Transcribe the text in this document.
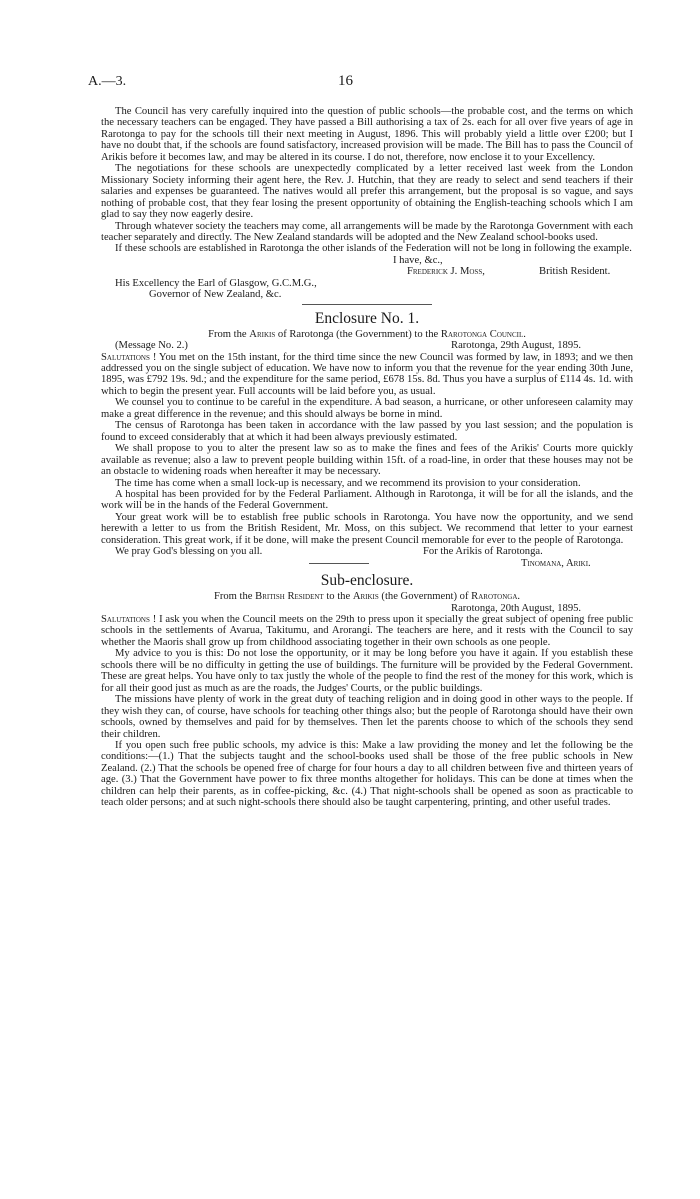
A.—3.	16

The Council has very carefully inquired into the question of public schools—the probable cost, and the terms on which the necessary teachers can be engaged. They have passed a Bill authorising a tax of 2s. each for all over five years of age in Rarotonga to pay for the schools till their next meeting in August, 1896. This will probably yield a little over £200; but I have no doubt that, if the schools are found satisfactory, increased provision will be made. The Bill has to pass the Council of Arikis before it becomes law, and may be altered in its course. I do not, therefore, now enclose it to your Excellency.

The negotiations for these schools are unexpectedly complicated by a letter received last week from the London Missionary Society informing their agent here, the Rev. J. Hutchin, that they are ready to select and send teachers if their salaries and expenses be guaranteed. The natives would all prefer this arrangement, but the proposal is so vague, and says nothing of probable cost, that they fear losing the present opportunity of obtaining the English-teaching schools which I am glad to say they now eagerly desire.

Through whatever society the teachers may come, all arrangements will be made by the Rarotonga Government with each teacher separately and directly. The New Zealand standards will be adopted and the New Zealand school-books used.

If these schools are established in Rarotonga the other islands of the Federation will not be long in following the example.

I have, &c.,
Frederick J. Moss,	British Resident.
His Excellency the Earl of Glasgow, G.C.M.G.,
Governor of New Zealand, &c.
Enclosure No. 1.

From the Arikis of Rarotonga (the Government) to the Rarotonga Council.

(Message No. 2.)	Rarotonga, 29th August, 1895.

Salutations ! You met on the 15th instant, for the third time since the new Council was formed by law, in 1893; and we then addressed you on the single subject of education. We have now to inform you that the revenue for the year ending 30th June, 1895, was £792 19s. 9d.; and the expenditure for the same period, £678 15s. 8d. Thus you have a surplus of £114 4s. 1d. with which to begin the present year. Full accounts will be laid before you, as usual.

We counsel you to continue to be careful in the expenditure. A bad season, a hurricane, or other unforeseen calamity may make a great difference in the revenue; and this should always be borne in mind.

The census of Rarotonga has been taken in accordance with the law passed by you last session; and the population is found to exceed considerably that at which it had been always previously estimated.

We shall propose to you to alter the present law so as to make the fines and fees of the Arikis' Courts more quickly available as revenue; also a law to prevent people building within 15ft. of a road-line, in order that these houses may not be an obstacle to widening roads when hereafter it may be necessary.

The time has come when a small lock-up is necessary, and we recommend its provision to your consideration.

A hospital has been provided for by the Federal Parliament. Although in Rarotonga, it will be for all the islands, and the work will be in the hands of the Federal Government.

Your great work will be to establish free public schools in Rarotonga. You have now the opportunity, and we send herewith a letter to us from the British Resident, Mr. Moss, on this subject. We recommend that letter to your earnest consideration. This great work, if it be done, will make the present Council memorable for ever to the people of Rarotonga.

We pray God's blessing on you all.	For the Arikis of Rarotonga.
Tinomana, Ariki.
Sub-enclosure.

From the British Resident to the Arikis (the Government) of Rarotonga.

Rarotonga, 20th August, 1895.

Salutations ! I ask you when the Council meets on the 29th to press upon it specially the great subject of opening free public schools in the settlements of Avarua, Takitumu, and Arorangi. The teachers are here, and it rests with the Council to say whether the Maoris shall grow up from childhood associating together in their own schools as one people.

My advice to you is this: Do not lose the opportunity, or it may be long before you have it again. If you establish these schools there will be no difficulty in getting the use of buildings. The furniture will be provided by the Federal Government. These are great helps. You have only to tax justly the whole of the people to find the rest of the money for this work, which is for all their good just as much as are the roads, the Judges' Courts, or the public buildings.

The missions have plenty of work in the great duty of teaching religion and in doing good in other ways to the people. If they wish they can, of course, have schools for teaching other things also; but the people of Rarotonga should have their own schools, owned by themselves and paid for by themselves. Then let the parents choose to which of the schools they send their children.

If you open such free public schools, my advice is this: Make a law providing the money and let the following be the conditions:—(1.) That the subjects taught and the school-books used shall be those of the free public schools in New Zealand. (2.) That the schools be opened free of charge for four hours a day to all children between five and thirteen years of age. (3.) That the Government have power to fix three months altogether for holidays. This can be done at times when the children can help their parents, as in coffee-picking, &c. (4.) That night-schools shall be opened as soon as practicable to teach older persons; and at such night-schools there should also be taught carpentering, printing, and other useful trades.
